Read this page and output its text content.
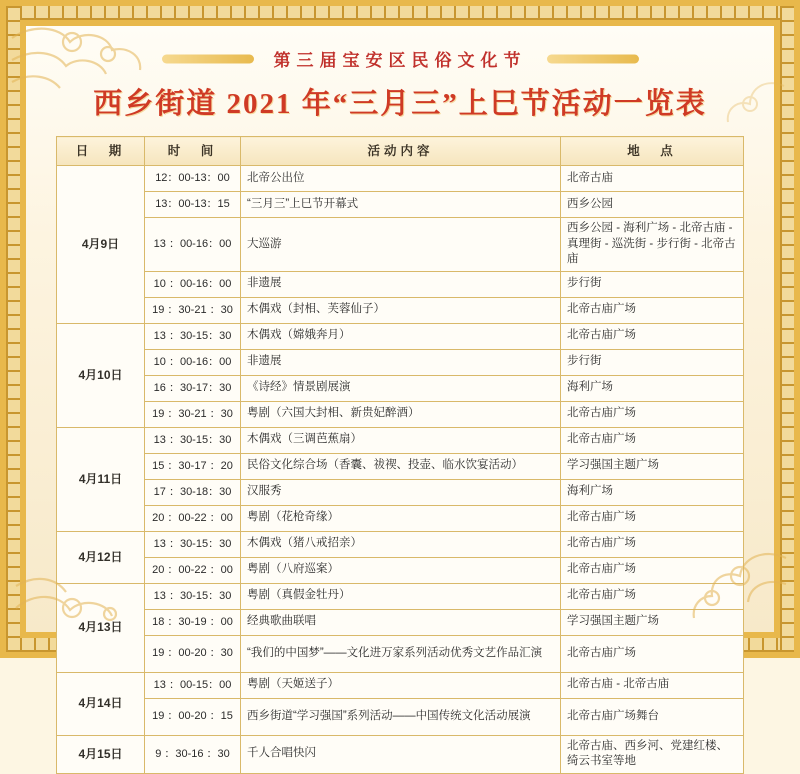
第三届宝安区民俗文化节
西乡街道 2021 年“三月三”上巳节活动一览表
日　期	时　间	活动内容	地　点
4月9日	12：00-13：00	北帝公出位	北帝古庙
	13：00-13：15	“三月三”上巳节开幕式	西乡公园
	13 ：00-16：00	大巡游	西乡公园 - 海利广场 - 北帝古庙 - 真理街 - 巡洗街 - 步行街 - 北帝古庙
	10 ：00-16：00	非遗展	步行街
	19 ：30-21 ：30	木偶戏（封相、芙蓉仙子）	北帝古庙广场
4月10日	13 ：30-15：30	木偶戏（嫦娥奔月）	北帝古庙广场
	10 ：00-16：00	非遗展	步行街
	16 ：30-17：30	《诗经》情景剧展演	海利广场
	19 ：30-21 ：30	粤剧（六国大封相、新贵妃醉酒）	北帝古庙广场
4月11日	13 ：30-15：30	木偶戏（三调芭蕉扇）	北帝古庙广场
	15 ：30-17 ：20	民俗文化综合场（香囊、祓禊、投壶、临水饮宴活动）	学习强国主题广场
	17 ：30-18：30	汉服秀	海利广场
	20 ：00-22 ：00	粤剧（花枪奇缘）	北帝古庙广场
4月12日	13 ：30-15：30	木偶戏（猪八戒招亲）	北帝古庙广场
	20 ：00-22 ：00	粤剧（八府巡案）	北帝古庙广场
4月13日	13 ：30-15：30	粤剧（真假金牡丹）	北帝古庙广场
	18 ：30-19 ：00	经典歌曲联唱	学习强国主题广场
	19 ：00-20 ：30	“我们的中国梦”——文化进万家系列活动优秀文艺作品汇演	北帝古庙广场
4月14日	13 ：00-15：00	粤剧（天姬送子）	北帝古庙 - 北帝古庙
	19 ：00-20 ：15	西乡街道“学习强国”系列活动——中国传统文化活动展演	北帝古庙广场舞台
4月15日	9 ：30-16 ：30	千人合唱快闪	北帝古庙、西乡河、党建红楼、绮云书室等地
